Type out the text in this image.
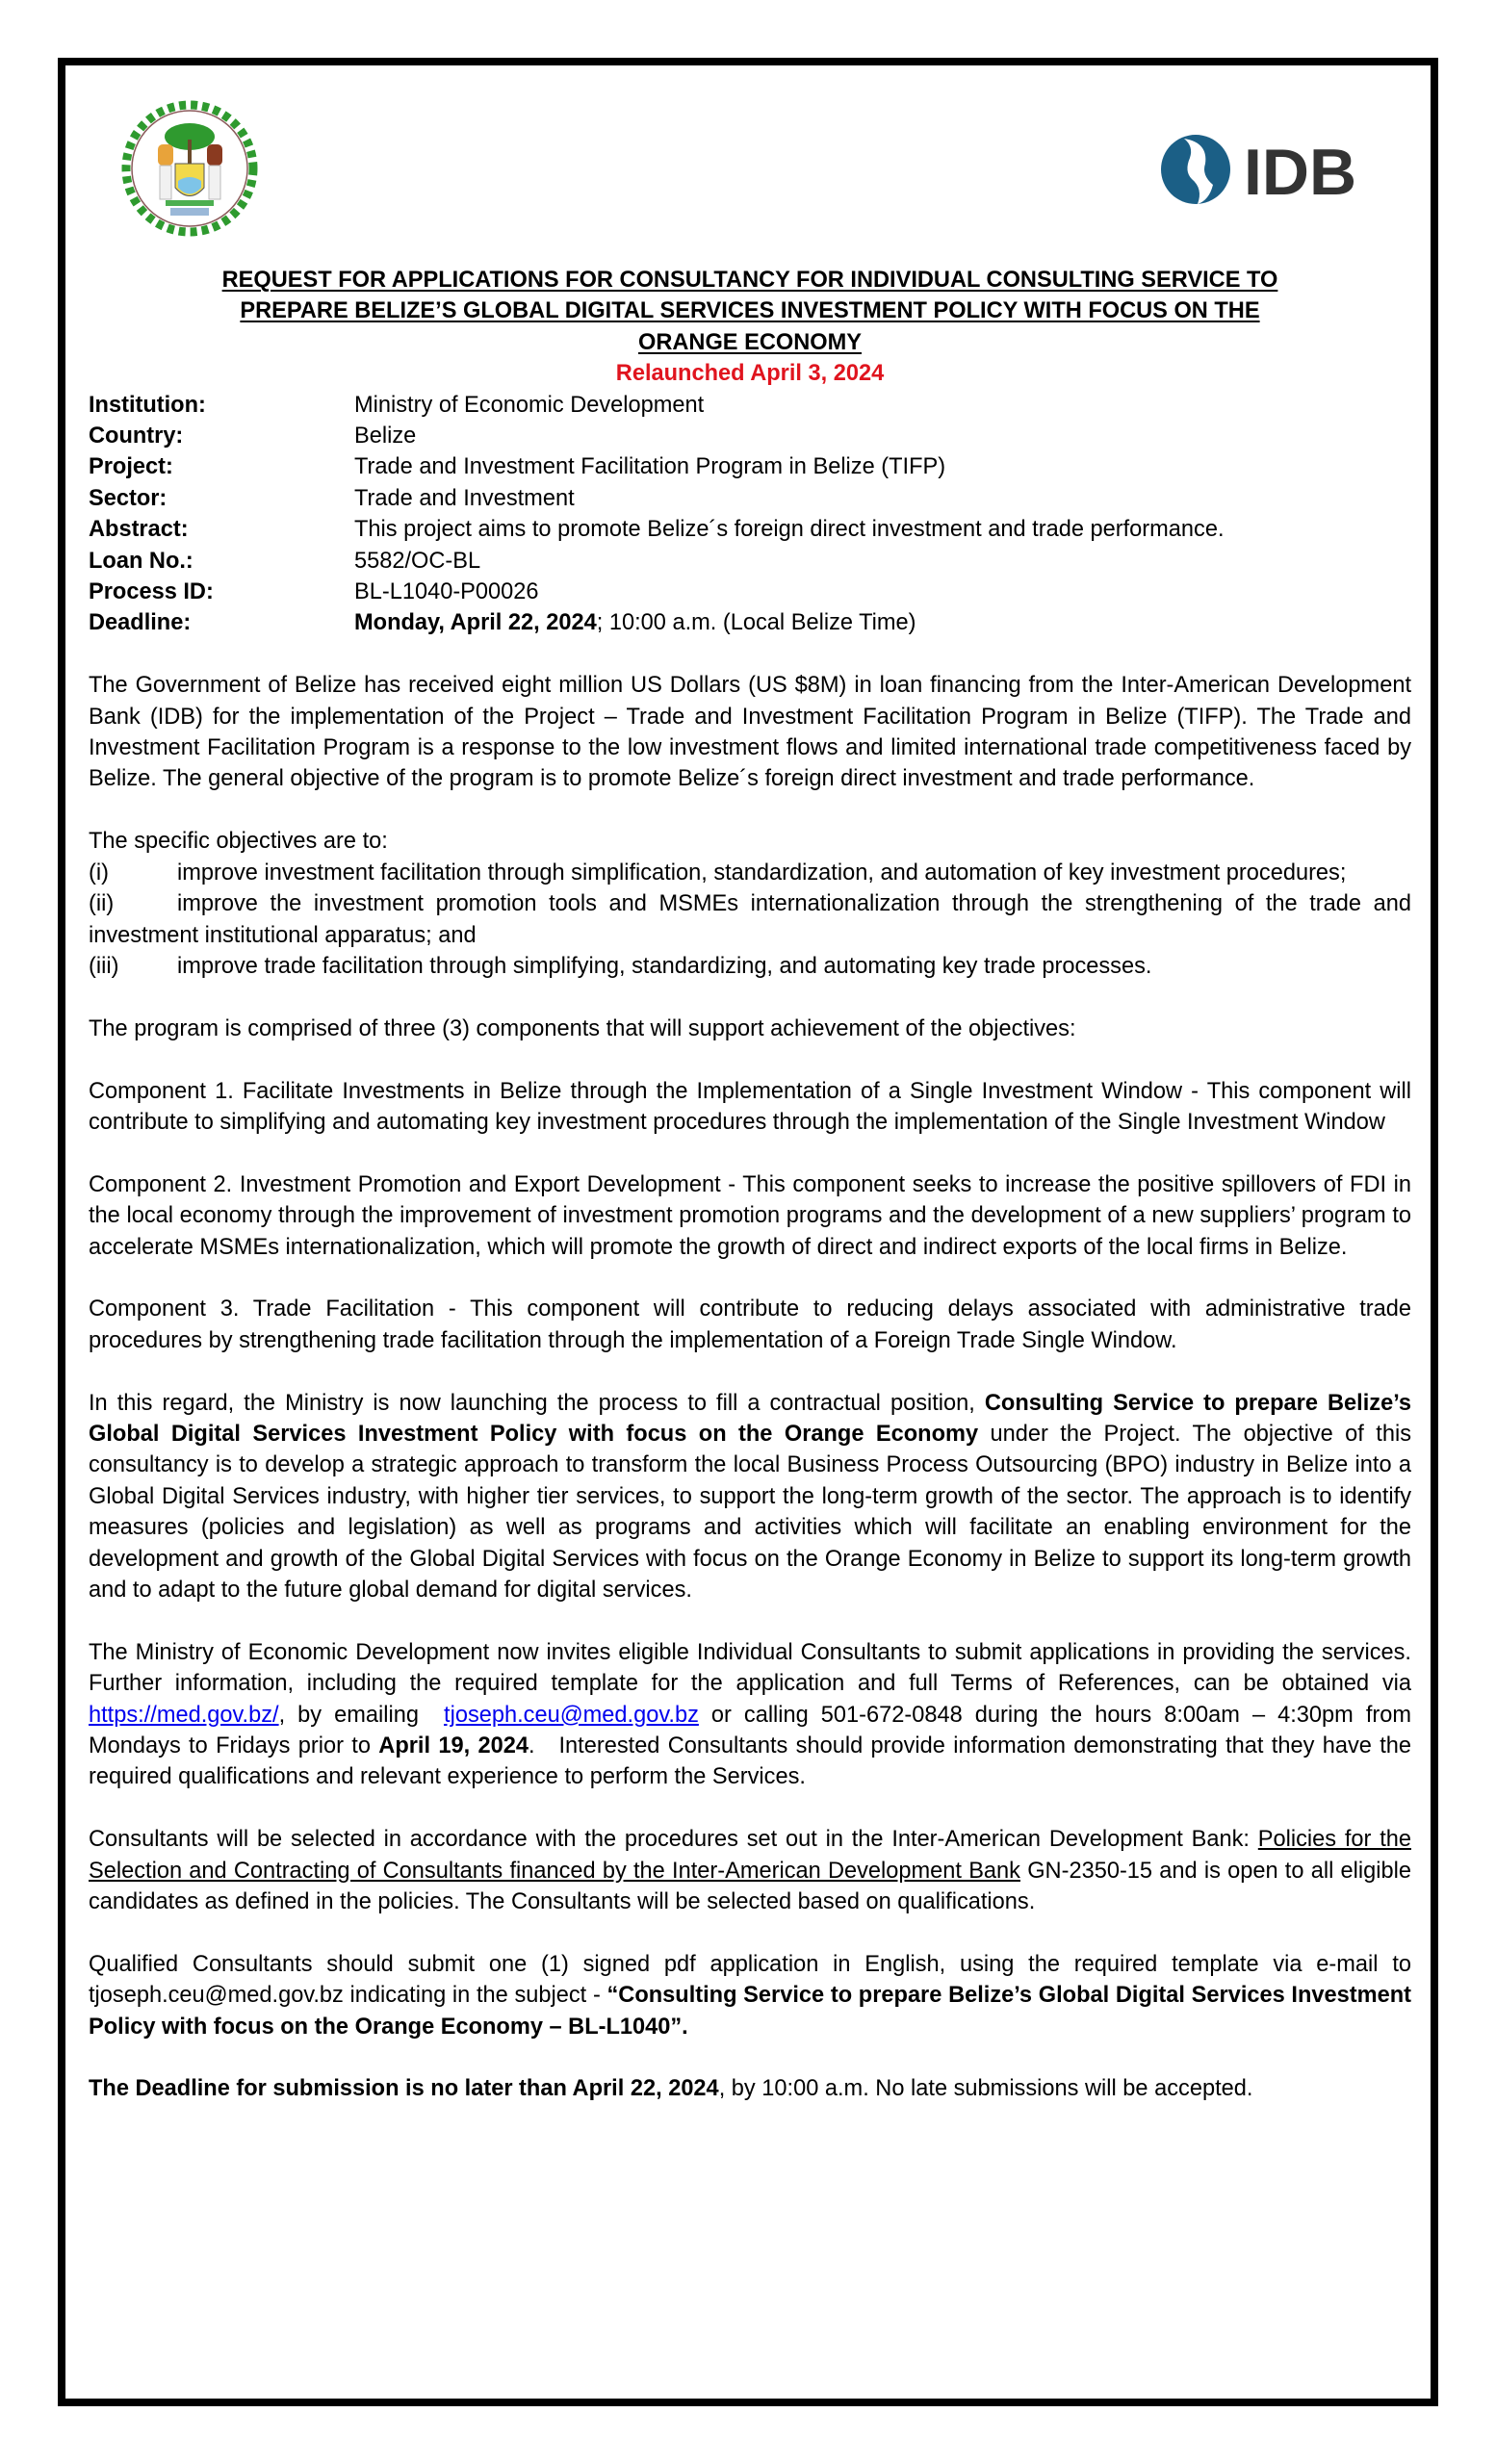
IDB
REQUEST FOR APPLICATIONS FOR CONSULTANCY FOR INDIVIDUAL CONSULTING SERVICE TO
PREPARE BELIZE’S GLOBAL DIGITAL SERVICES INVESTMENT POLICY WITH FOCUS ON THE
ORANGE ECONOMY
Relaunched April 3, 2024
Institution:	Ministry of Economic Development
Country:	Belize
Project:	Trade and Investment Facilitation Program in Belize (TIFP)
Sector:	Trade and Investment
Abstract:	This project aims to promote Belize´s foreign direct investment and trade performance.
Loan No.:	5582/OC-BL
Process ID:	BL-L1040-P00026
Deadline:	Monday, April 22, 2024; 10:00 a.m. (Local Belize Time)

The Government of Belize has received eight million US Dollars (US $8M) in loan financing from the Inter-American Development Bank (IDB) for the implementation of the Project – Trade and Investment Facilitation Program in Belize (TIFP). The Trade and Investment Facilitation Program is a response to the low investment flows and limited international trade competitiveness faced by Belize. The general objective of the program is to promote Belize´s foreign direct investment and trade performance.

The specific objectives are to:

(i)	improve investment facilitation through simplification, standardization, and automation of key investment procedures;

(ii)	improve the investment promotion tools and MSMEs internationalization through the strengthening of the trade and investment institutional apparatus; and

(iii)	improve trade facilitation through simplifying, standardizing, and automating key trade processes.

The program is comprised of three (3) components that will support achievement of the objectives:

Component 1. Facilitate Investments in Belize through the Implementation of a Single Investment Window - This component will contribute to simplifying and automating key investment procedures through the implementation of the Single Investment Window

Component 2. Investment Promotion and Export Development - This component seeks to increase the positive spillovers of FDI in the local economy through the improvement of investment promotion programs and the development of a new suppliers’ program to accelerate MSMEs internationalization, which will promote the growth of direct and indirect exports of the local firms in Belize.

Component 3. Trade Facilitation - This component will contribute to reducing delays associated with administrative trade procedures by strengthening trade facilitation through the implementation of a Foreign Trade Single Window.

In this regard, the Ministry is now launching the process to fill a contractual position, Consulting Service to prepare Belize’s Global Digital Services Investment Policy with focus on the Orange Economy under the Project. The objective of this consultancy is to develop a strategic approach to transform the local Business Process Outsourcing (BPO) industry in Belize into a Global Digital Services industry, with higher tier services, to support the long-term growth of the sector. The approach is to identify measures (policies and legislation) as well as programs and activities which will facilitate an enabling environment for the development and growth of the Global Digital Services with focus on the Orange Economy in Belize to support its long-term growth and to adapt to the future global demand for digital services.

The Ministry of Economic Development now invites eligible Individual Consultants to submit applications in providing the services. Further information, including the required template for the application and full Terms of References, can be obtained via https://med.gov.bz/, by emailing  tjoseph.ceu@med.gov.bz or calling 501-672-0848 during the hours 8:00am – 4:30pm from Mondays to Fridays prior to April 19, 2024.   Interested Consultants should provide information demonstrating that they have the required qualifications and relevant experience to perform the Services.

Consultants will be selected in accordance with the procedures set out in the Inter-American Development Bank: Policies for the Selection and Contracting of Consultants financed by the Inter-American Development Bank GN-2350-15 and is open to all eligible candidates as defined in the policies. The Consultants will be selected based on qualifications.

Qualified Consultants should submit one (1) signed pdf application in English, using the required template via e-mail to tjoseph.ceu@med.gov.bz indicating in the subject - “Consulting Service to prepare Belize’s Global Digital Services Investment Policy with focus on the Orange Economy – BL-L1040”.

The Deadline for submission is no later than April 22, 2024, by 10:00 a.m. No late submissions will be accepted.
